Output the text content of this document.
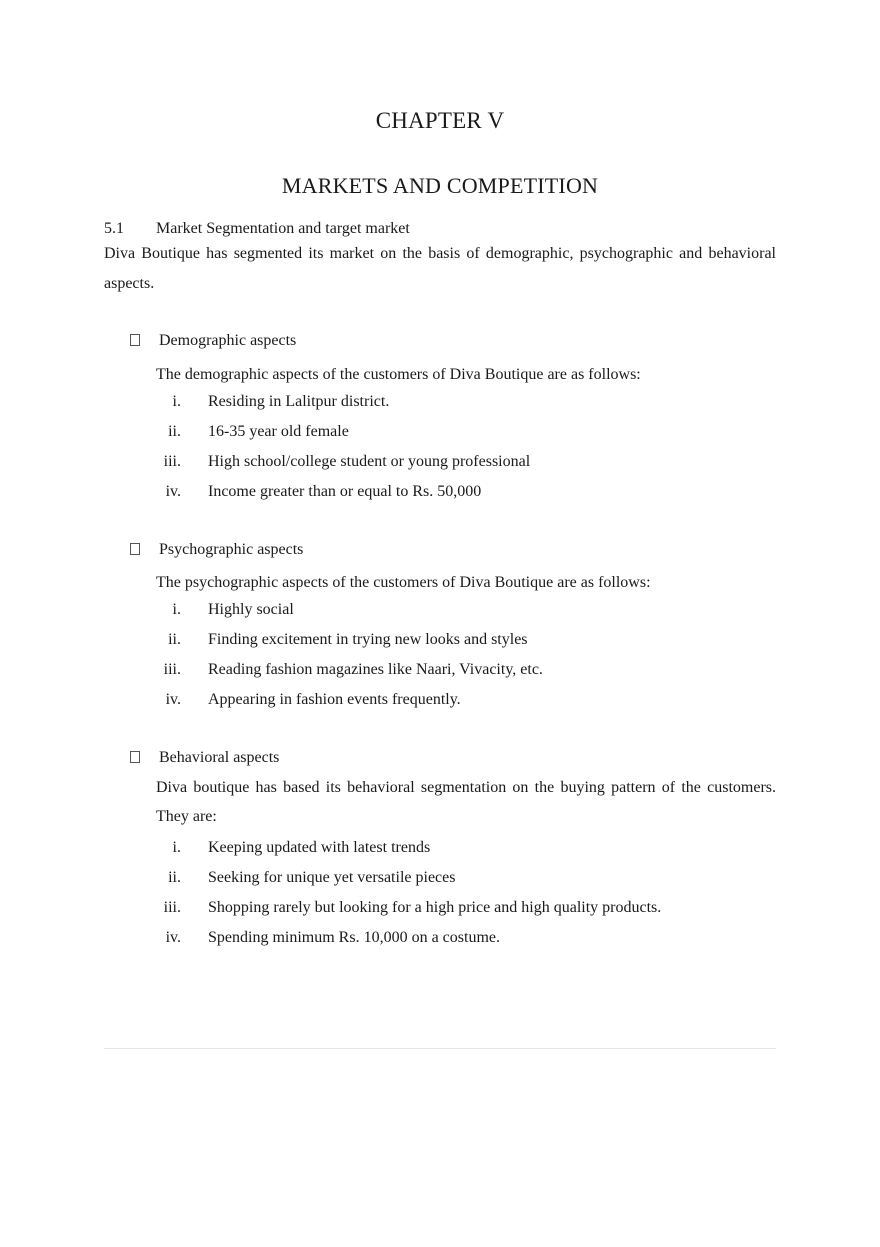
CHAPTER V
MARKETS AND COMPETITION
5.1 Market Segmentation and target market
Diva Boutique has segmented its market on the basis of demographic, psychographic and behavioral aspects.
Demographic aspects
The demographic aspects of the customers of Diva Boutique are as follows:
i. Residing in Lalitpur district.
ii. 16-35 year old female
iii. High school/college student or young professional
iv. Income greater than or equal to Rs. 50,000
Psychographic aspects
The psychographic aspects of the customers of Diva Boutique are as follows:
i. Highly social
ii. Finding excitement in trying new looks and styles
iii. Reading fashion magazines like Naari, Vivacity, etc.
iv. Appearing in fashion events frequently.
Behavioral aspects
Diva boutique has based its behavioral segmentation on the buying pattern of the customers. They are:
i. Keeping updated with latest trends
ii. Seeking for unique yet versatile pieces
iii. Shopping rarely but looking for a high price and high quality products.
iv. Spending minimum Rs. 10,000 on a costume.
